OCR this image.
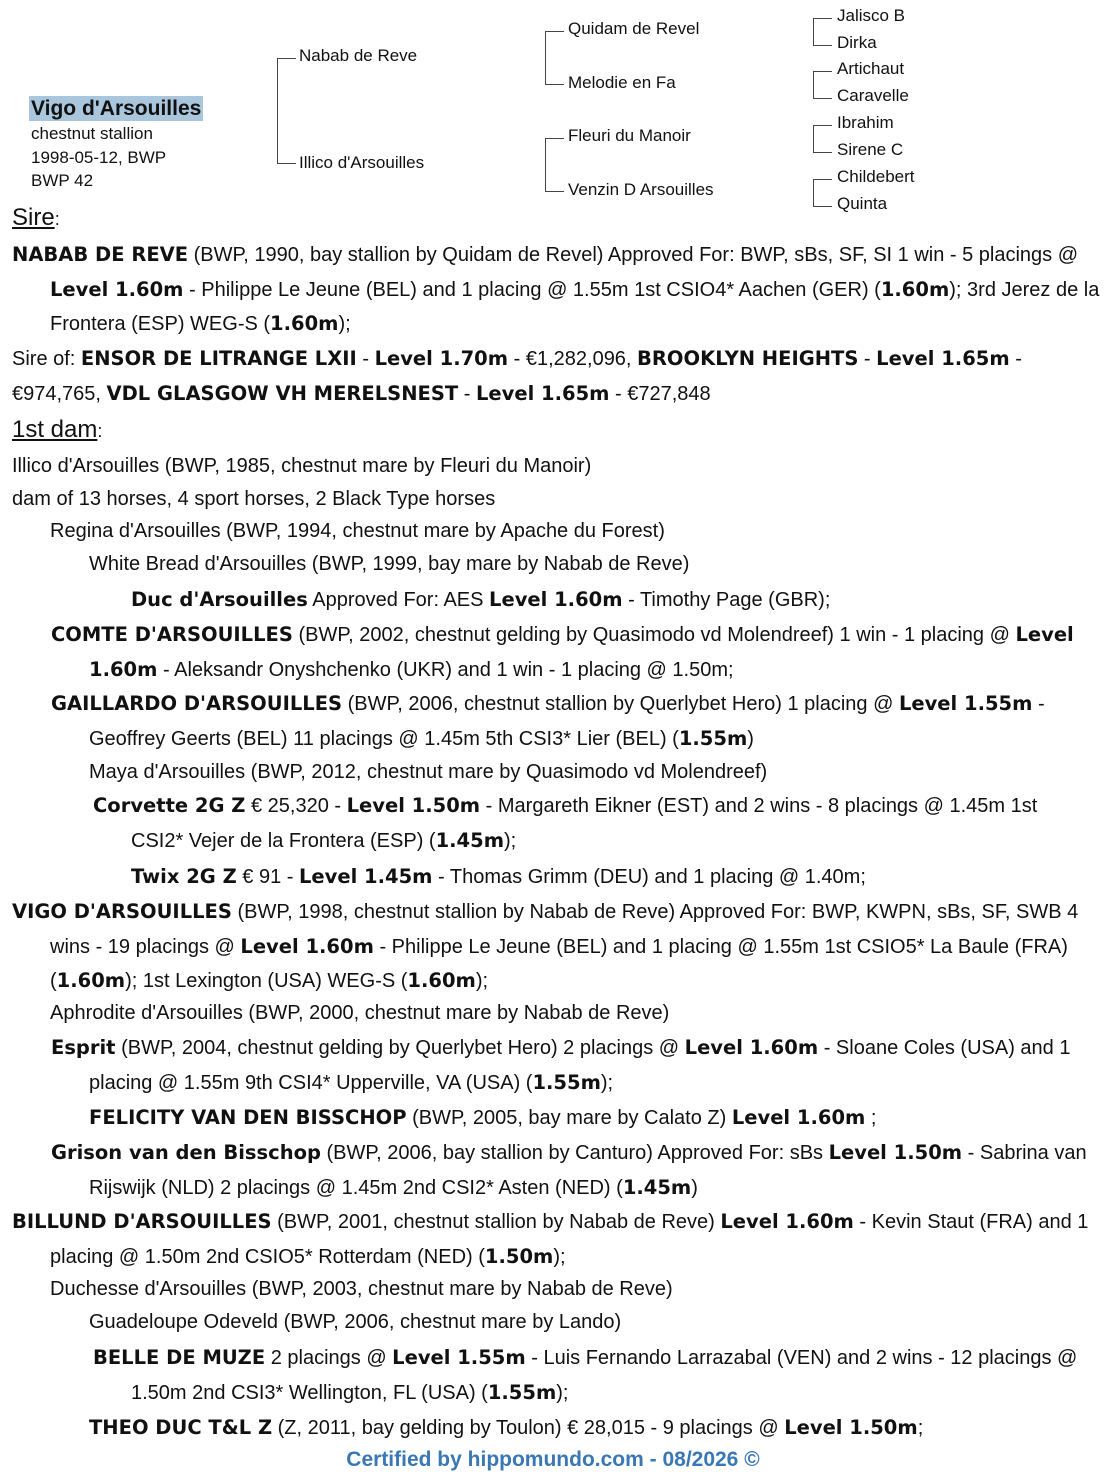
Vigo d'Arsouilles
chestnut stallion
1998-05-12, BWP
BWP 42
Nabab de Reve
Illico d'Arsouilles
Quidam de Revel
Melodie en Fa
Fleuri du Manoir
Venzin D Arsouilles
Jalisco B
Dirka
Artichaut
Caravelle
Ibrahim
Sirene C
Childebert
Quinta
Sire:
NABAB DE REVE (BWP, 1990, bay stallion by Quidam de Revel) Approved For: BWP, sBs, SF, SI 1 win - 5 placings @ Level 1.60m - Philippe Le Jeune (BEL) and 1 placing @ 1.55m 1st CSIO4* Aachen (GER) (1.60m); 3rd Jerez de la Frontera (ESP) WEG-S (1.60m);
Sire of: ENSOR DE LITRANGE LXII - Level 1.70m - €1,282,096, BROOKLYN HEIGHTS - Level 1.65m - €974,765, VDL GLASGOW VH MERELSNEST - Level 1.65m - €727,848
1st dam:
Illico d'Arsouilles (BWP, 1985, chestnut mare by Fleuri du Manoir)
dam of 13 horses, 4 sport horses, 2 Black Type horses
Regina d'Arsouilles (BWP, 1994, chestnut mare by Apache du Forest)
White Bread d'Arsouilles (BWP, 1999, bay mare by Nabab de Reve)
Duc d'Arsouilles Approved For: AES Level 1.60m - Timothy Page (GBR);
COMTE D'ARSOUILLES (BWP, 2002, chestnut gelding by Quasimodo vd Molendreef) 1 win - 1 placing @ Level 1.60m - Aleksandr Onyshchenko (UKR) and 1 win - 1 placing @ 1.50m;
GAILLARDO D'ARSOUILLES (BWP, 2006, chestnut stallion by Querlybet Hero) 1 placing @ Level 1.55m - Geoffrey Geerts (BEL) 11 placings @ 1.45m 5th CSI3* Lier (BEL) (1.55m)
Maya d'Arsouilles (BWP, 2012, chestnut mare by Quasimodo vd Molendreef)
Corvette 2G Z € 25,320 - Level 1.50m - Margareth Eikner (EST) and 2 wins - 8 placings @ 1.45m 1st CSI2* Vejer de la Frontera (ESP) (1.45m);
Twix 2G Z € 91 - Level 1.45m - Thomas Grimm (DEU) and 1 placing @ 1.40m;
VIGO D'ARSOUILLES (BWP, 1998, chestnut stallion by Nabab de Reve) Approved For: BWP, KWPN, sBs, SF, SWB 4 wins - 19 placings @ Level 1.60m - Philippe Le Jeune (BEL) and 1 placing @ 1.55m 1st CSIO5* La Baule (FRA) (1.60m); 1st Lexington (USA) WEG-S (1.60m);
Aphrodite d'Arsouilles (BWP, 2000, chestnut mare by Nabab de Reve)
Esprit (BWP, 2004, chestnut gelding by Querlybet Hero) 2 placings @ Level 1.60m - Sloane Coles (USA) and 1 placing @ 1.55m 9th CSI4* Upperville, VA (USA) (1.55m);
FELICITY VAN DEN BISSCHOP (BWP, 2005, bay mare by Calato Z) Level 1.60m ;
Grison van den Bisschop (BWP, 2006, bay stallion by Canturo) Approved For: sBs Level 1.50m - Sabrina van Rijswijk (NLD) 2 placings @ 1.45m 2nd CSI2* Asten (NED) (1.45m)
BILLUND D'ARSOUILLES (BWP, 2001, chestnut stallion by Nabab de Reve) Level 1.60m - Kevin Staut (FRA) and 1 placing @ 1.50m 2nd CSIO5* Rotterdam (NED) (1.50m);
Duchesse d'Arsouilles (BWP, 2003, chestnut mare by Nabab de Reve)
Guadeloupe Odeveld (BWP, 2006, chestnut mare by Lando)
BELLE DE MUZE 2 placings @ Level 1.55m - Luis Fernando Larrazabal (VEN) and 2 wins - 12 placings @ 1.50m 2nd CSI3* Wellington, FL (USA) (1.55m);
THEO DUC T&L Z (Z, 2011, bay gelding by Toulon) € 28,015 - 9 placings @ Level 1.50m;
Certified by hippomundo.com - 08/2026 ©
